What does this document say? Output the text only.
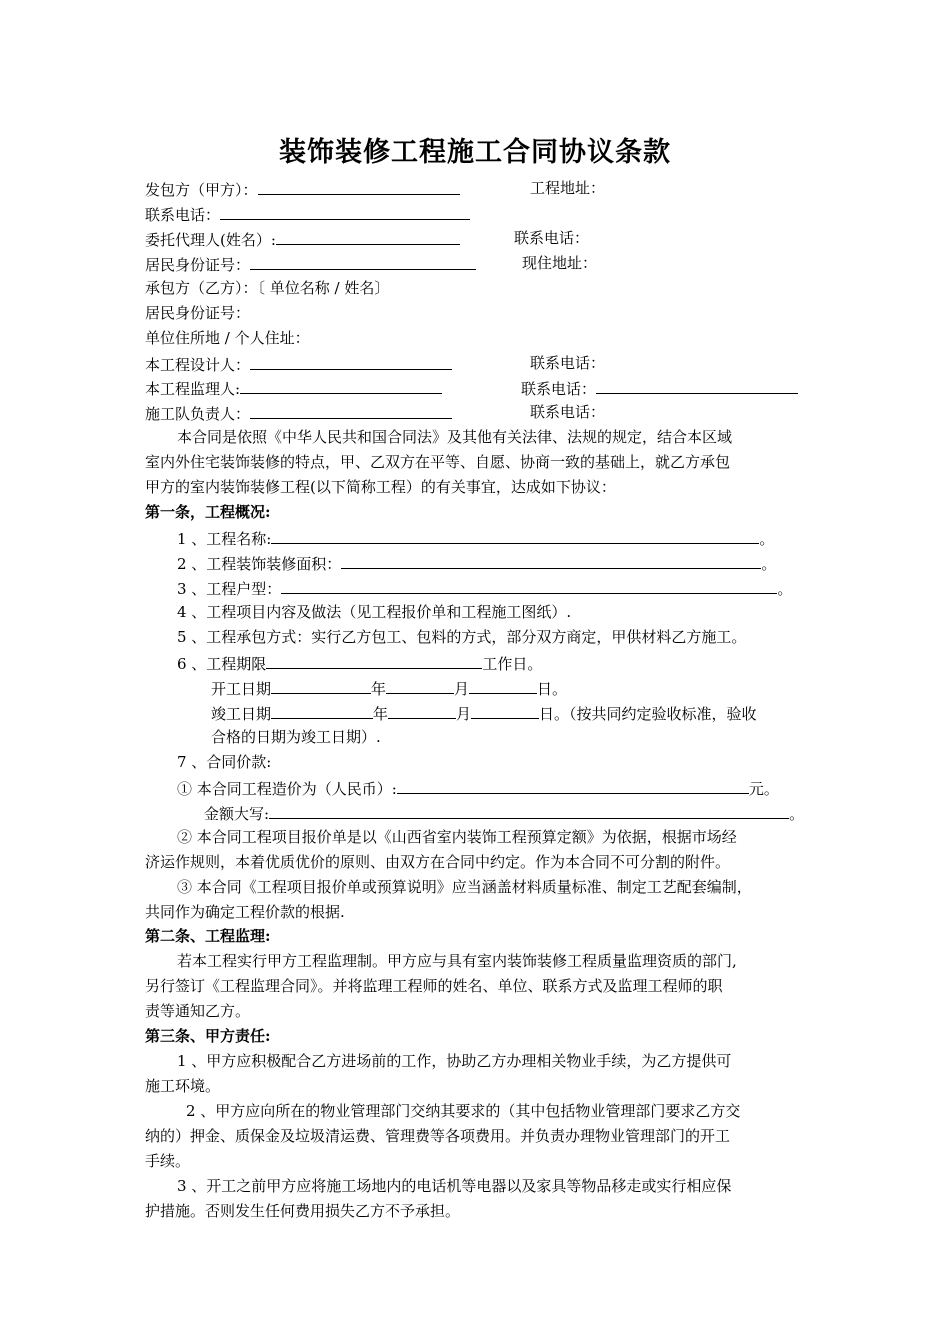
装饰装修工程施工合同协议条款
发包方（甲方）：	工程地址：
联系电话：
委托代理人(姓名）:	联系电话：
居民身份证号：	现住地址：
承包方（乙方）：〔 单位名称 / 姓名〕
居民身份证号：
单位住所地 / 个人住址：
本工程设计人：	联系电话：
本工程监理人:	联系电话：
施工队负责人：	联系电话：
本合同是依照《中华人民共和国合同法》及其他有关法律、法规的规定，结合本区域
室内外住宅装饰装修的特点，甲、乙双方在平等、自愿、协商一致的基础上，就乙方承包
甲方的室内装饰装修工程(以下简称工程）的有关事宜，达成如下协议：
第一条，工程概况:
1 、工程名称:	。
2 、工程装饰装修面积：	。
3 、工程户型：	。
4 、工程项目内容及做法（见工程报价单和工程施工图纸）.
5 、工程承包方式：实行乙方包工、包料的方式，部分双方商定，甲供材料乙方施工。
6 、工程期限	工作日。
开工日期	年	月	日。
竣工日期	年	月	日。（按共同约定验收标准，验收
合格的日期为竣工日期）.
7 、合同价款:
① 本合同工程造价为（人民币）:	元。
金额大写:	。
② 本合同工程项目报价单是以《山西省室内装饰工程预算定额》为依据，根据市场经
济运作规则，本着优质优价的原则、由双方在合同中约定。作为本合同不可分割的附件。
③ 本合同《工程项目报价单或预算说明》应当涵盖材料质量标准、制定工艺配套编制，
共同作为确定工程价款的根据.
第二条、工程监理:
若本工程实行甲方工程监理制。甲方应与具有室内装饰装修工程质量监理资质的部门,
另行签订《工程监理合同》。并将监理工程师的姓名、单位、联系方式及监理工程师的职
责等通知乙方。
第三条、甲方责任:
1 、甲方应积极配合乙方进场前的工作，协助乙方办理相关物业手续，为乙方提供可
施工环境。
2 、甲方应向所在的物业管理部门交纳其要求的（其中包括物业管理部门要求乙方交
纳的）押金、质保金及垃圾清运费、管理费等各项费用。并负责办理物业管理部门的开工
手续。
3 、开工之前甲方应将施工场地内的电话机等电器以及家具等物品移走或实行相应保
护措施。否则发生任何费用损失乙方不予承担。
